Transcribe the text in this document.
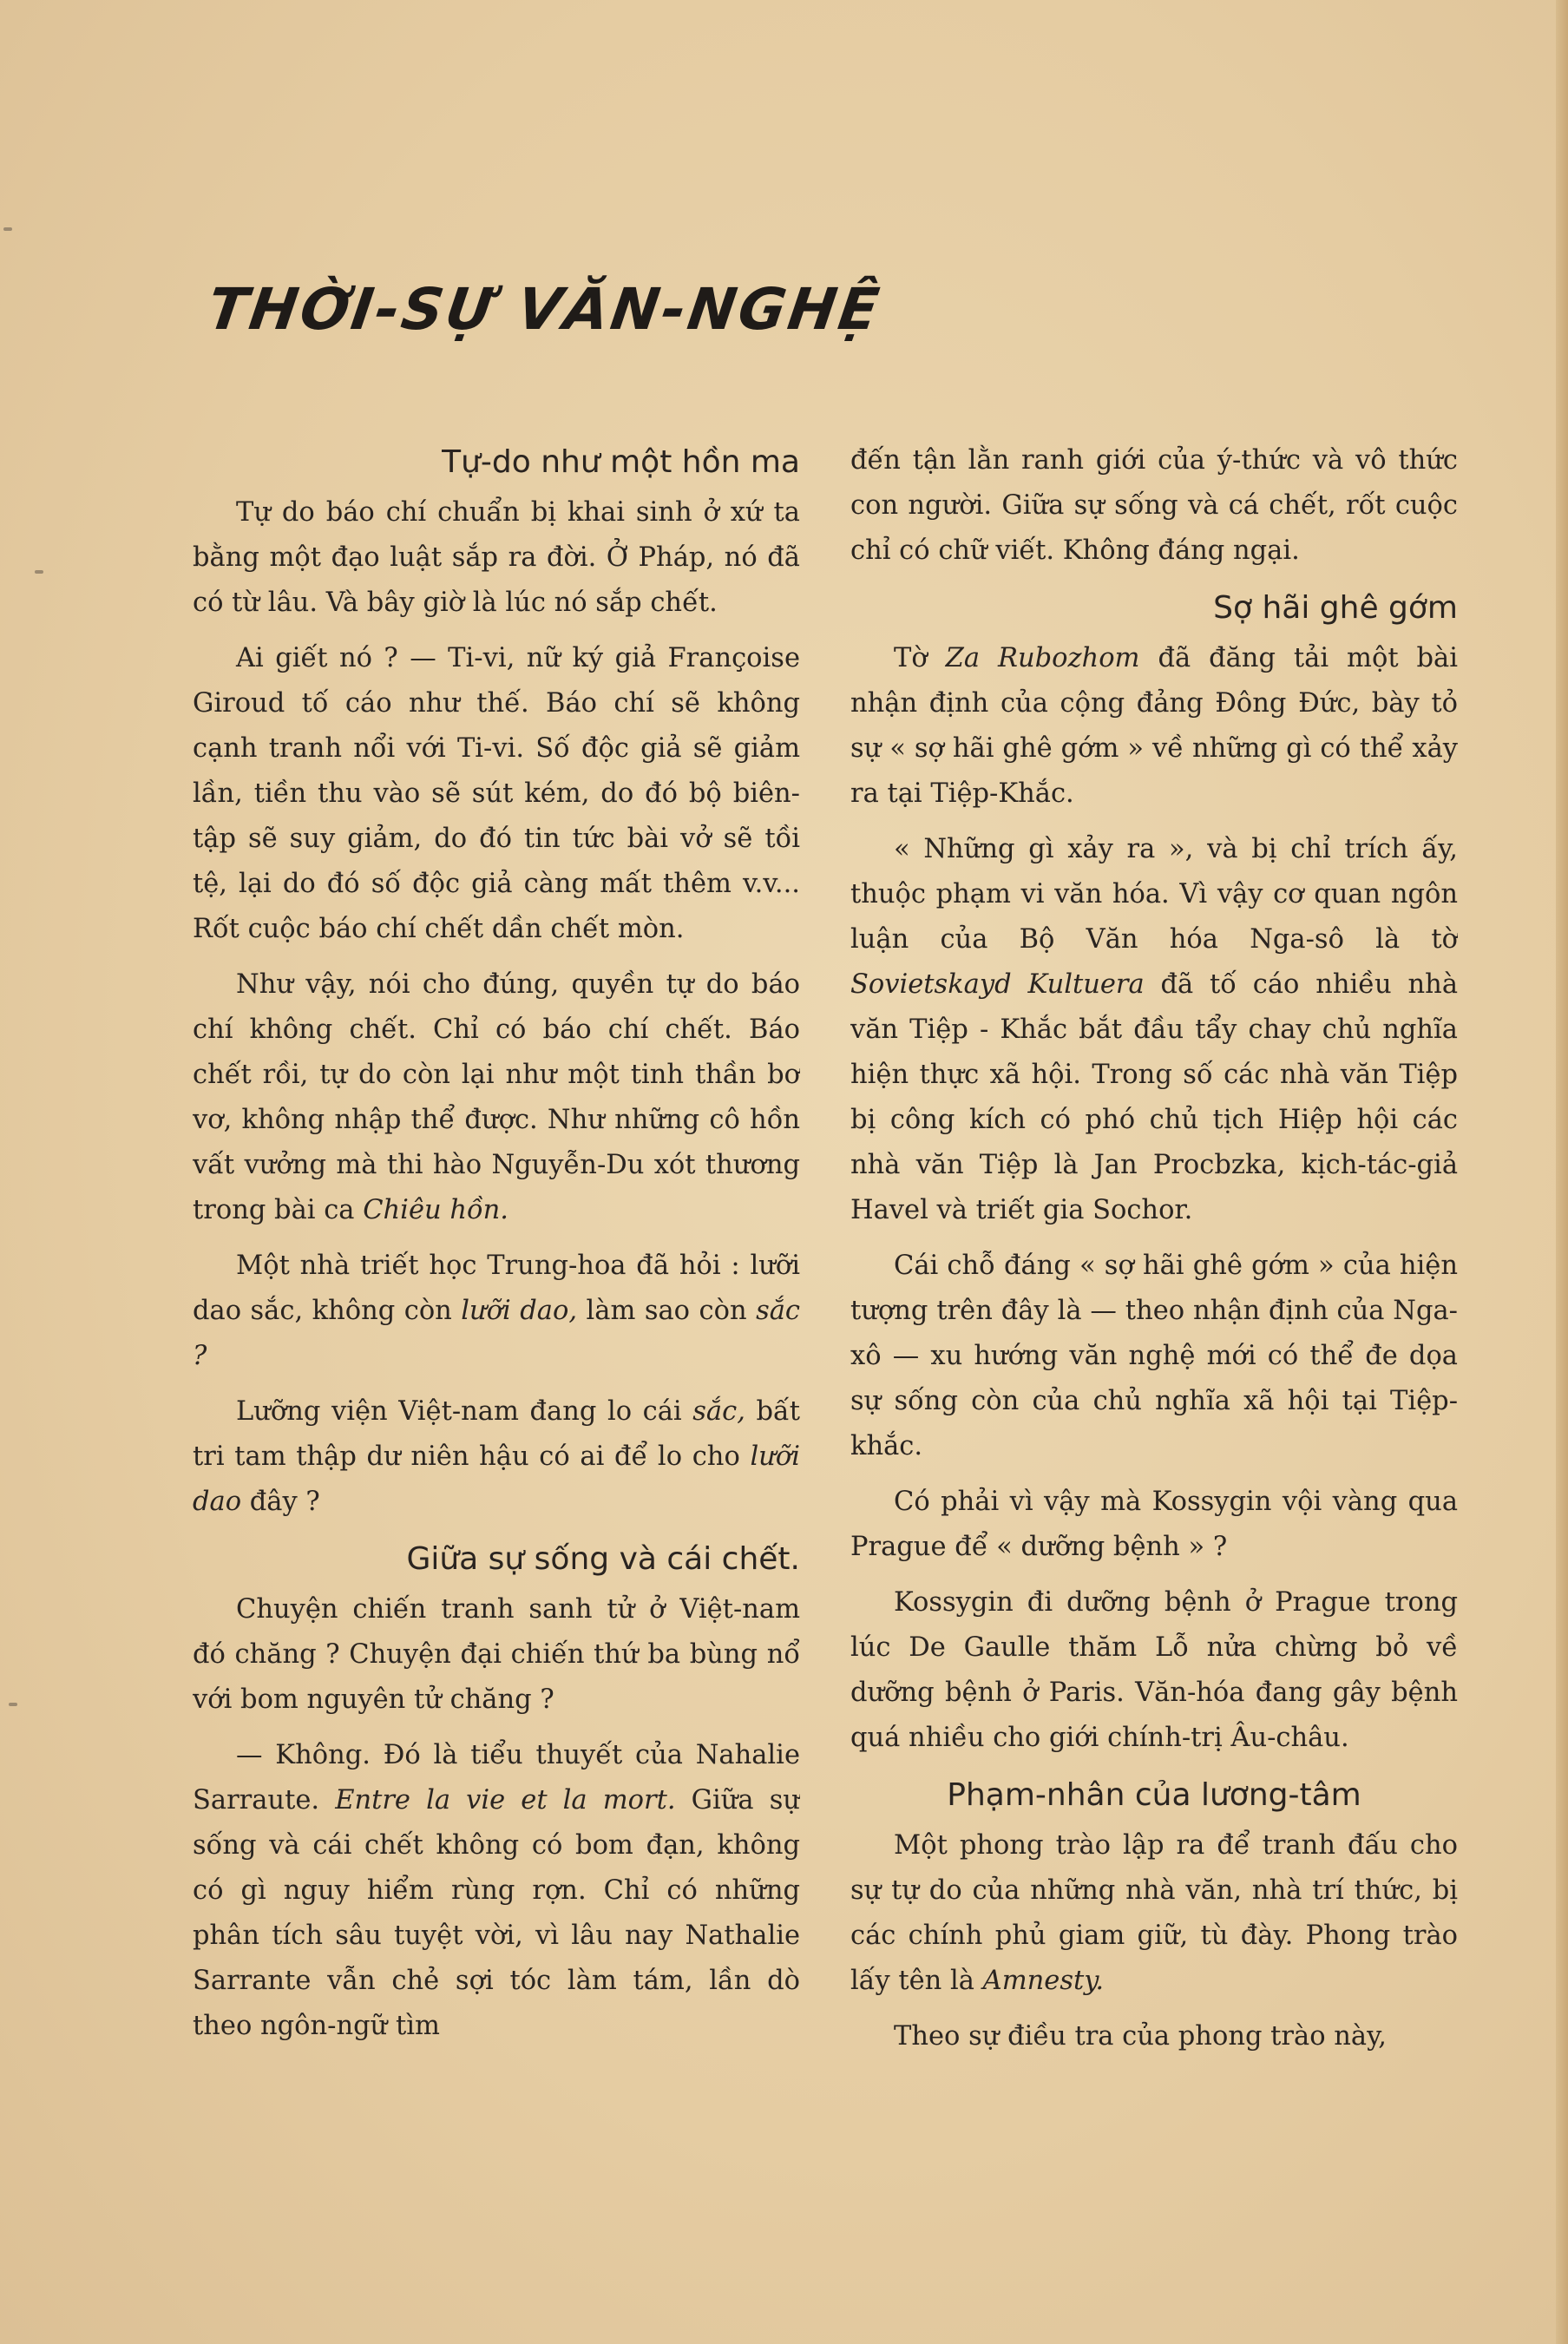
THỜI-SỰ VĂN-NGHỆ
Tự-do như một hồn ma

Tự do báo chí chuẩn bị khai sinh ở xứ ta bằng một đạo luật sắp ra đời. Ở Pháp, nó đã có từ lâu. Và bây giờ là lúc nó sắp chết.

Ai giết nó ? — Ti-vi, nữ ký giả Françoise Giroud tố cáo như thế. Báo chí sẽ không cạnh tranh nổi với Ti-vi. Số độc giả sẽ giảm lần, tiền thu vào sẽ sút kém, do đó bộ biên-tập sẽ suy giảm, do đó tin tức bài vở sẽ tồi tệ, lại do đó số độc giả càng mất thêm v.v... Rốt cuộc báo chí chết dần chết mòn.

Như vậy, nói cho đúng, quyền tự do báo chí không chết. Chỉ có báo chí chết. Báo chết rồi, tự do còn lại như một tinh thần bơ vơ, không nhập thể được. Như những cô hồn vất vưởng mà thi hào Nguyễn-Du xót thương trong bài ca Chiêu hồn.

Một nhà triết học Trung-hoa đã hỏi : lưỡi dao sắc, không còn lưỡi dao, làm sao còn sắc ?

Lưỡng viện Việt-nam đang lo cái sắc, bất tri tam thập dư niên hậu có ai để lo cho lưỡi dao đây ?

Giữa sự sống và cái chết.

Chuyện chiến tranh sanh tử ở Việt-nam đó chăng ? Chuyện đại chiến thứ ba bùng nổ với bom nguyên tử chăng ?

— Không. Đó là tiểu thuyết của Nahalie Sarraute. Entre la vie et la mort. Giữa sự sống và cái chết không có bom đạn, không có gì nguy hiểm rùng rợn. Chỉ có những phân tích sâu tuyệt vời, vì lâu nay Nathalie Sarrante vẫn chẻ sợi tóc làm tám, lần dò theo ngôn-ngữ tìm

đến tận lằn ranh giới của ý-thức và vô thức con người. Giữa sự sống và cá chết, rốt cuộc chỉ có chữ viết. Không đáng ngại.

Sợ hãi ghê gớm

Tờ Za Rubozhom đã đăng tải một bài nhận định của cộng đảng Đông Đức, bày tỏ sự « sợ hãi ghê gớm » về những gì có thể xảy ra tại Tiệp-Khắc.

« Những gì xảy ra », và bị chỉ trích ấy, thuộc phạm vi văn hóa. Vì vậy cơ quan ngôn luận của Bộ Văn hóa Nga-sô là tờ Sovietskayd Kultuera đã tố cáo nhiều nhà văn Tiệp - Khắc bắt đầu tẩy chay chủ nghĩa hiện thực xã hội. Trong số các nhà văn Tiệp bị công kích có phó chủ tịch Hiệp hội các nhà văn Tiệp là Jan Procbzka, kịch-tác-giả Havel và triết gia Sochor.

Cái chỗ đáng « sợ hãi ghê gớm » của hiện tượng trên đây là — theo nhận định của Nga-xô — xu hướng văn nghệ mới có thể đe dọa sự sống còn của chủ nghĩa xã hội tại Tiệp-khắc.

Có phải vì vậy mà Kossygin vội vàng qua Prague để « dưỡng bệnh » ?

Kossygin đi dưỡng bệnh ở Prague trong lúc De Gaulle thăm Lỗ nửa chừng bỏ về dưỡng bệnh ở Paris. Văn-hóa đang gây bệnh quá nhiều cho giới chính-trị Âu-châu.

Phạm-nhân của lương-tâm

Một phong trào lập ra để tranh đấu cho sự tự do của những nhà văn, nhà trí thức, bị các chính phủ giam giữ, tù đày. Phong trào lấy tên là Amnesty.

Theo sự điều tra của phong trào này,
